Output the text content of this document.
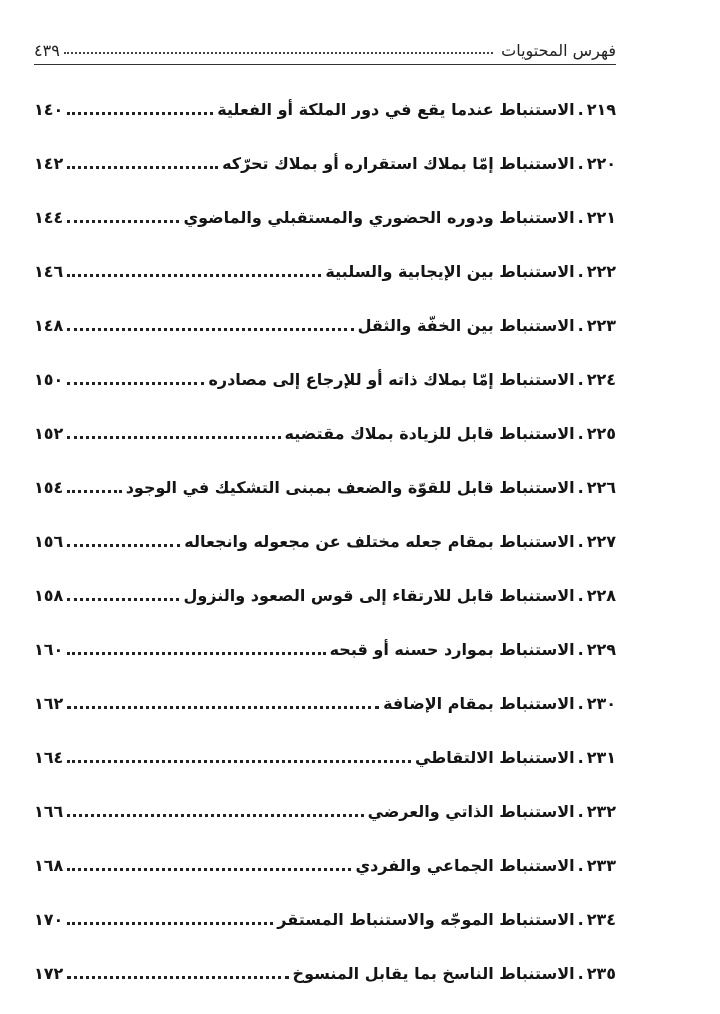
فهرس المحتويات
٤٣٩
٢١٩
.
الاستنباط عندما يقع في دور الملكة أو الفعلية
١٤٠
٢٢٠
.
الاستنباط إمّا بملاك استقراره أو بملاك تحرّكه
١٤٢
٢٢١
.
الاستنباط ودوره الحضوري والمستقبلي والماضوي
١٤٤
٢٢٢
.
الاستنباط بين الإيجابية والسلبية
١٤٦
٢٢٣
.
الاستنباط بين الخفّة والثقل
١٤٨
٢٢٤
.
الاستنباط إمّا بملاك ذاته أو للإرجاع إلى مصادره
١٥٠
٢٢٥
.
الاستنباط قابل للزيادة بملاك مقتضيه
١٥٢
٢٢٦
.
الاستنباط قابل للقوّة والضعف بمبنى التشكيك في الوجود
١٥٤
٢٢٧
.
الاستنباط بمقام جعله مختلف عن مجعوله وانجعاله
١٥٦
٢٢٨
.
الاستنباط قابل للارتقاء إلى قوس الصعود والنزول
١٥٨
٢٢٩
.
الاستنباط بموارد حسنه أو قبحه
١٦٠
٢٣٠
.
الاستنباط بمقام الإضافة
١٦٢
٢٣١
.
الاستنباط الالتقاطي
١٦٤
٢٣٢
.
الاستنباط الذاتي والعرضي
١٦٦
٢٣٣
.
الاستنباط الجماعي والفردي
١٦٨
٢٣٤
.
الاستنباط الموجّه والاستنباط المستقر
١٧٠
٢٣٥
.
الاستنباط الناسخ بما يقابل المنسوخ
١٧٢
